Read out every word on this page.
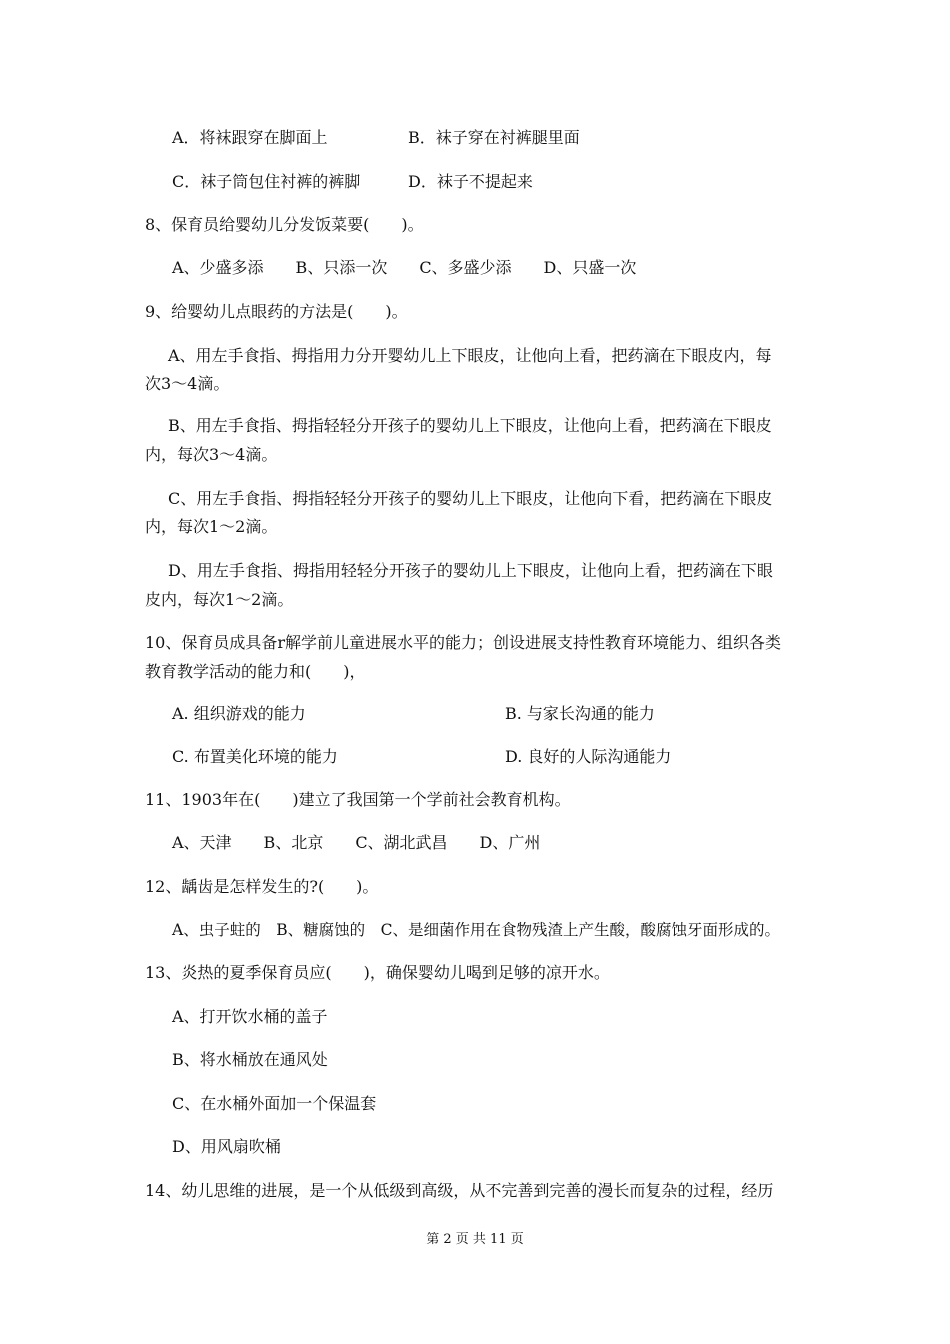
A．将袜跟穿在脚面上	B．袜子穿在衬裤腿里面
C．袜子筒包住衬裤的裤脚	D．袜子不提起来
8、保育员给婴幼儿分发饭菜要(　　)。
A、少盛多添　　B、只添一次　　C、多盛少添　　D、只盛一次
9、给婴幼儿点眼药的方法是(　　)。
A、用左手食指、拇指用力分开婴幼儿上下眼皮，让他向上看，把药滴在下眼皮内，每
次3～4滴。
B、用左手食指、拇指轻轻分开孩子的婴幼儿上下眼皮，让他向上看，把药滴在下眼皮
内，每次3～4滴。
C、用左手食指、拇指轻轻分开孩子的婴幼儿上下眼皮，让他向下看，把药滴在下眼皮
内，每次1～2滴。
D、用左手食指、拇指用轻轻分开孩子的婴幼儿上下眼皮，让他向上看，把药滴在下眼
皮内，每次1～2滴。
10、保育员成具备r解学前儿童进展水平的能力；创设进展支持性教育环境能力、组织各类
教育教学活动的能力和(　　)，
A. 组织游戏的能力	B. 与家长沟通的能力
C. 布置美化环境的能力	D. 良好的人际沟通能力
11、1903年在(　　)建立了我国第一个学前社会教育机构。
A、天津　　B、北京　　C、湖北武昌　　D、广州
12、龋齿是怎样发生的?(　　)。
A、虫子蛀的　B、糖腐蚀的　C、是细菌作用在食物残渣上产生酸，酸腐蚀牙面形成的。
13、炎热的夏季保育员应(　　)，确保婴幼儿喝到足够的凉开水。
A、打开饮水桶的盖子
B、将水桶放在通风处
C、在水桶外面加一个保温套
D、用风扇吹桶
14、幼儿思维的进展，是一个从低级到高级，从不完善到完善的漫长而复杂的过程，经历
第 2 页 共 11 页
